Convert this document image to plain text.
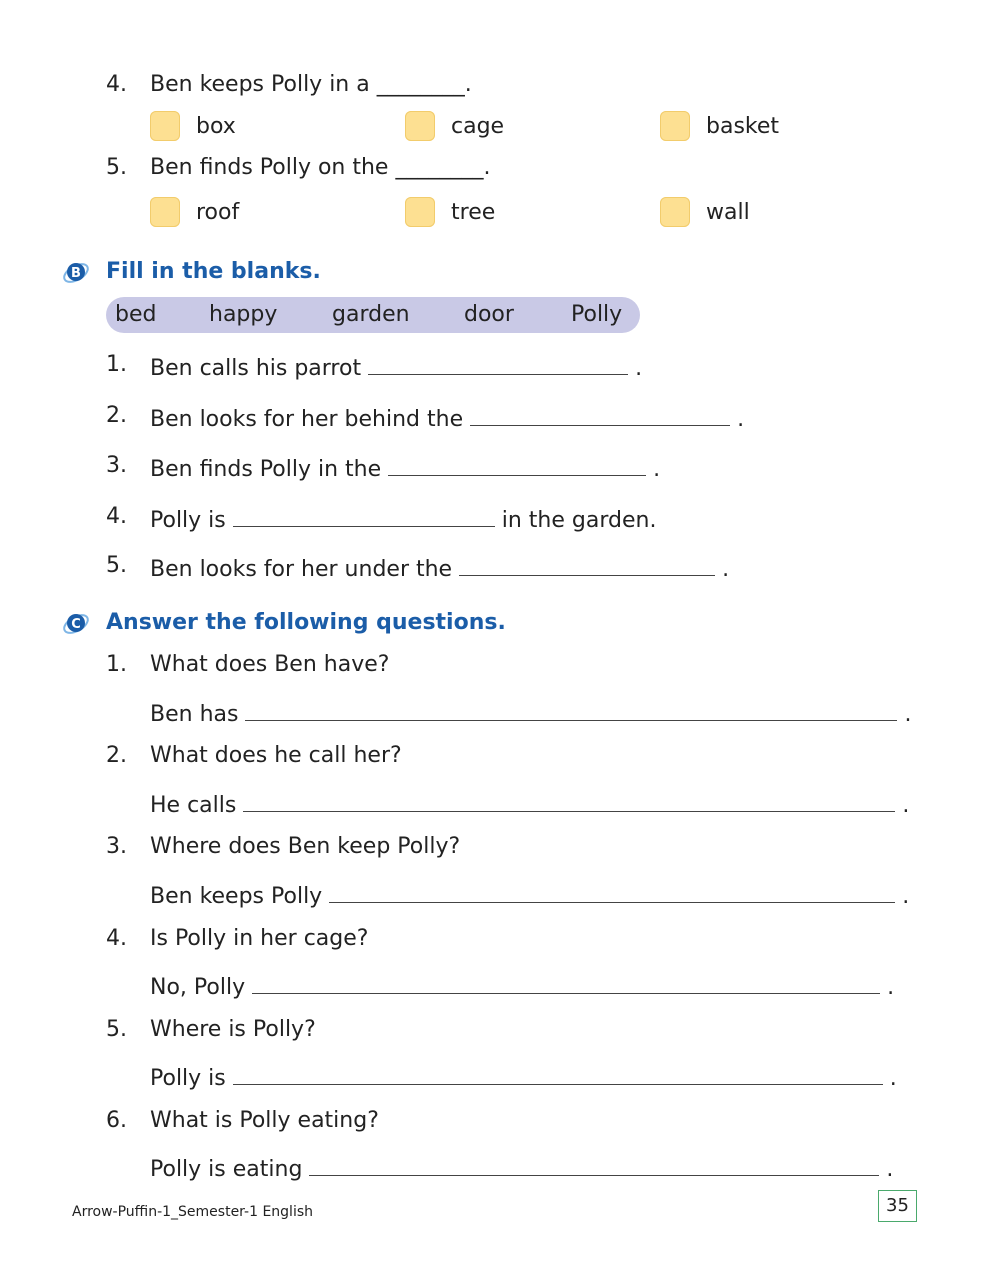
4. Ben keeps Polly in a ________.
box	cage	basket
5. Ben finds Polly on the ________.
roof	tree	wall
B Fill in the blanks.
bed happy garden door	Polly
1. Ben calls his parrot	.
2. Ben looks for her behind the	.
3. Ben finds Polly in the	.
4. Polly is	in the garden.
5. Ben looks for her under the	.
C Answer the following questions.
1. What does Ben have?
Ben has	.
2. What does he call her?
He calls	.
3. Where does Ben keep Polly?
Ben keeps Polly	.
4. Is Polly in her cage?
No, Polly	.
5. Where is Polly?
Polly is	.
6. What is Polly eating?
Polly is eating	.
Arrow-Puffin-1_Semester-1 English	35
